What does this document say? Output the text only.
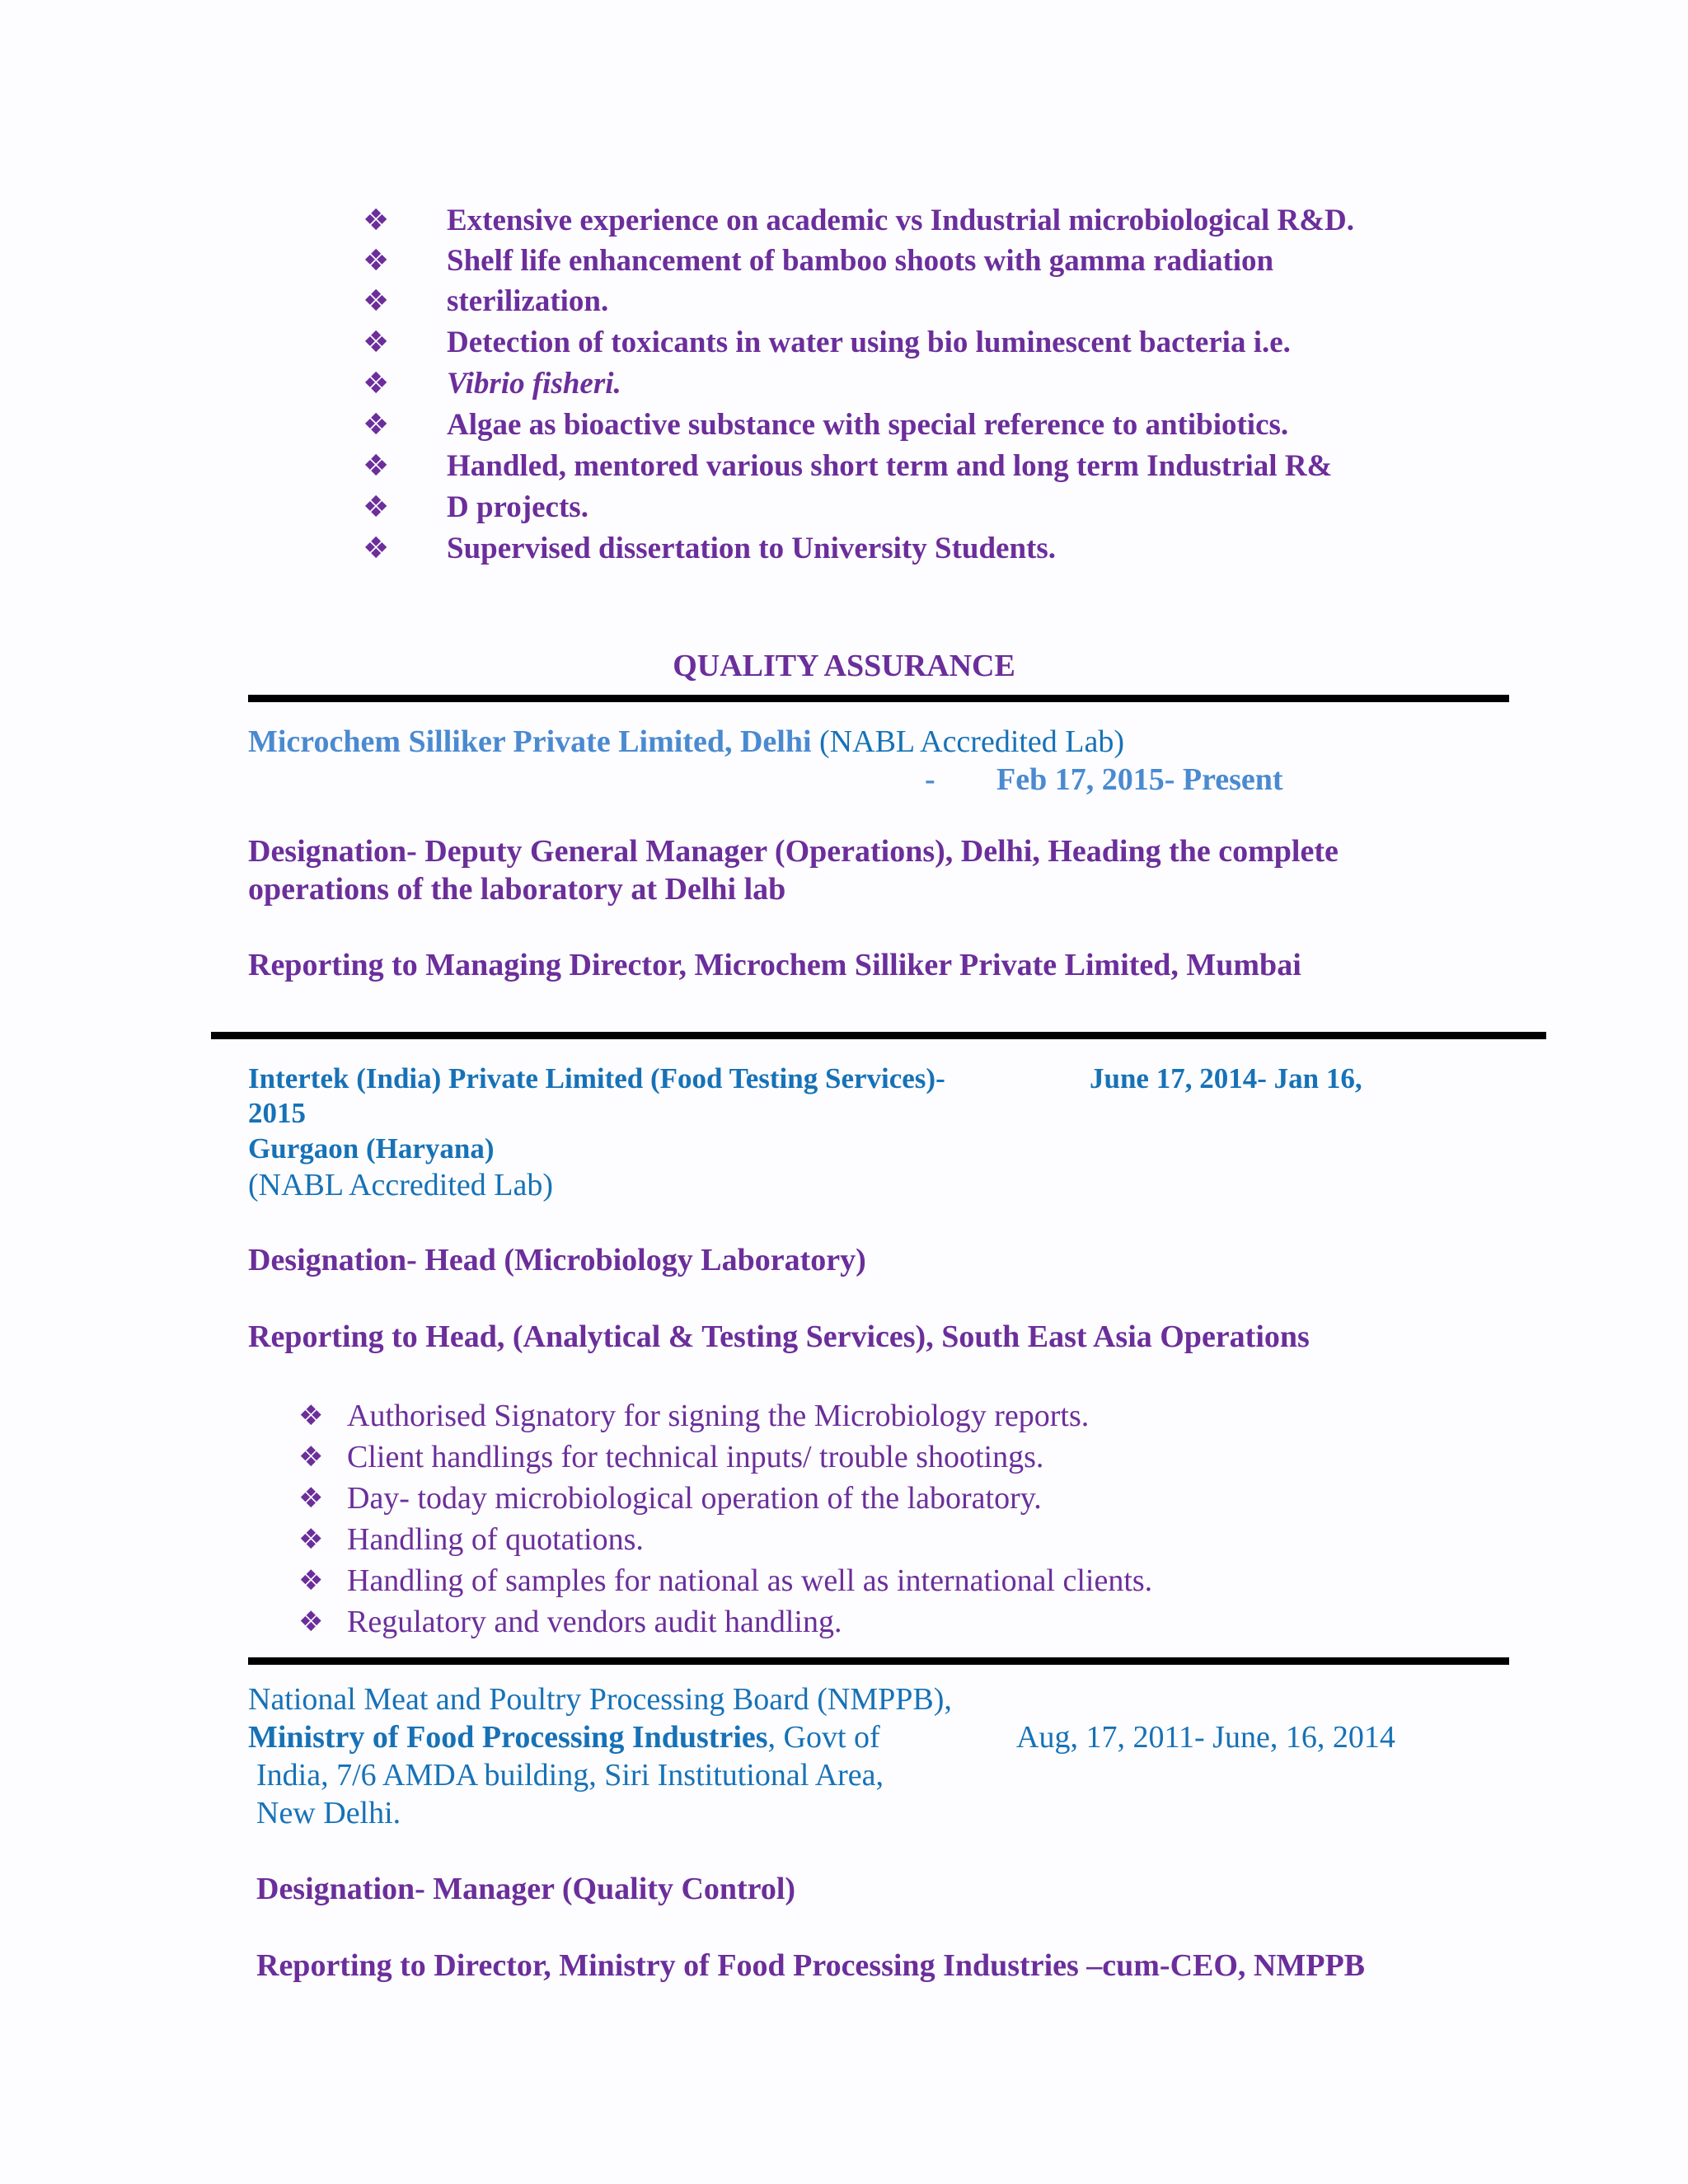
❖ Extensive experience on academic vs Industrial microbiological R&D.
❖ Shelf life enhancement of bamboo shoots with gamma radiation
❖ sterilization.
❖ Detection of toxicants in water using bio luminescent bacteria i.e.
❖ Vibrio fisheri.
❖ Algae as bioactive substance with special reference to antibiotics.
❖ Handled, mentored various short term and long term Industrial R&
❖ D projects.
❖ Supervised dissertation to University Students.
QUALITY ASSURANCE
Microchem Silliker Private Limited, Delhi (NABL Accredited Lab)
- Feb 17, 2015- Present
Designation- Deputy General Manager (Operations), Delhi, Heading the complete
operations of the laboratory at Delhi lab
Reporting to Managing Director, Microchem Silliker Private Limited, Mumbai
Intertek (India) Private Limited (Food Testing Services)-	June 17, 2014- Jan 16,
2015
Gurgaon (Haryana)
(NABL Accredited Lab)
Designation- Head (Microbiology Laboratory)
Reporting to Head, (Analytical & Testing Services), South East Asia Operations
❖ Authorised Signatory for signing the Microbiology reports.
❖ Client handlings for technical inputs/ trouble shootings.
❖ Day- today microbiological operation of the laboratory.
❖ Handling of quotations.
❖ Handling of samples for national as well as international clients.
❖ Regulatory and vendors audit handling.
National Meat and Poultry Processing Board (NMPPB),
Ministry of Food Processing Industries, Govt of	Aug, 17, 2011- June, 16, 2014
India, 7/6 AMDA building, Siri Institutional Area,
New Delhi.
Designation- Manager (Quality Control)
Reporting to Director, Ministry of Food Processing Industries –cum-CEO, NMPPB
